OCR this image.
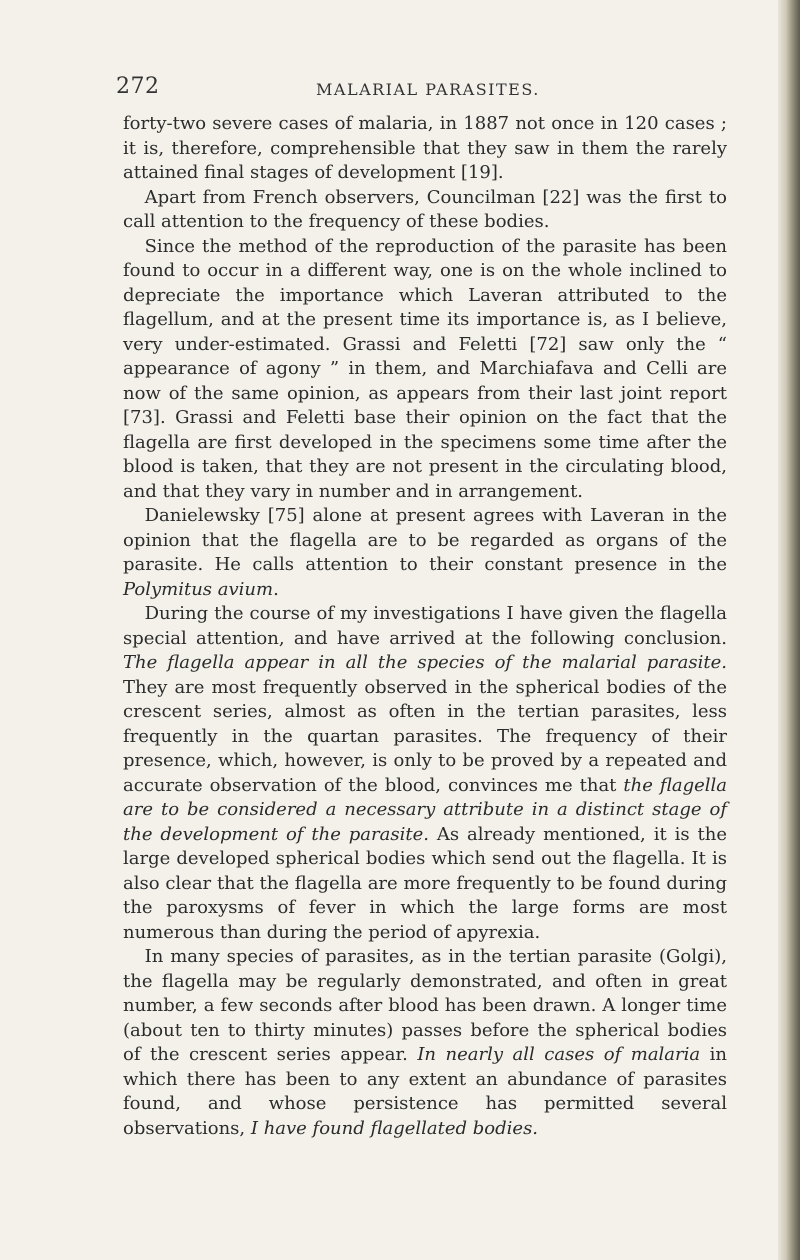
272	MALARIAL PARASITES.

forty-two severe cases of malaria, in 1887 not once in 120 cases ; it is, therefore, comprehensible that they saw in them the rarely attained final stages of development [19].

Apart from French observers, Councilman [22] was the first to call attention to the frequency of these bodies.

Since the method of the reproduction of the parasite has been found to occur in a different way, one is on the whole inclined to depreciate the importance which Laveran attributed to the flagellum, and at the present time its importance is, as I believe, very under-estimated. Grassi and Feletti [72] saw only the “ appearance of agony ” in them, and Marchiafava and Celli are now of the same opinion, as appears from their last joint report [73]. Grassi and Feletti base their opinion on the fact that the flagella are first developed in the specimens some time after the blood is taken, that they are not present in the circulating blood, and that they vary in number and in arrangement.

Danielewsky [75] alone at present agrees with Laveran in the opinion that the flagella are to be regarded as organs of the parasite. He calls attention to their constant presence in the Polymitus avium.

During the course of my investigations I have given the flagella special attention, and have arrived at the following conclusion. The flagella appear in all the species of the malarial parasite. They are most frequently observed in the spherical bodies of the crescent series, almost as often in the tertian parasites, less frequently in the quartan parasites. The frequency of their presence, which, however, is only to be proved by a repeated and accurate observation of the blood, convinces me that the flagella are to be considered a necessary attribute in a distinct stage of the development of the parasite. As already mentioned, it is the large developed spherical bodies which send out the flagella. It is also clear that the flagella are more frequently to be found during the paroxysms of fever in which the large forms are most numerous than during the period of apyrexia.

In many species of parasites, as in the tertian parasite (Golgi), the flagella may be regularly demonstrated, and often in great number, a few seconds after blood has been drawn. A longer time (about ten to thirty minutes) passes before the spherical bodies of the crescent series appear. In nearly all cases of malaria in which there has been to any extent an abundance of parasites found, and whose persistence has permitted several observations, I have found flagellated bodies.
